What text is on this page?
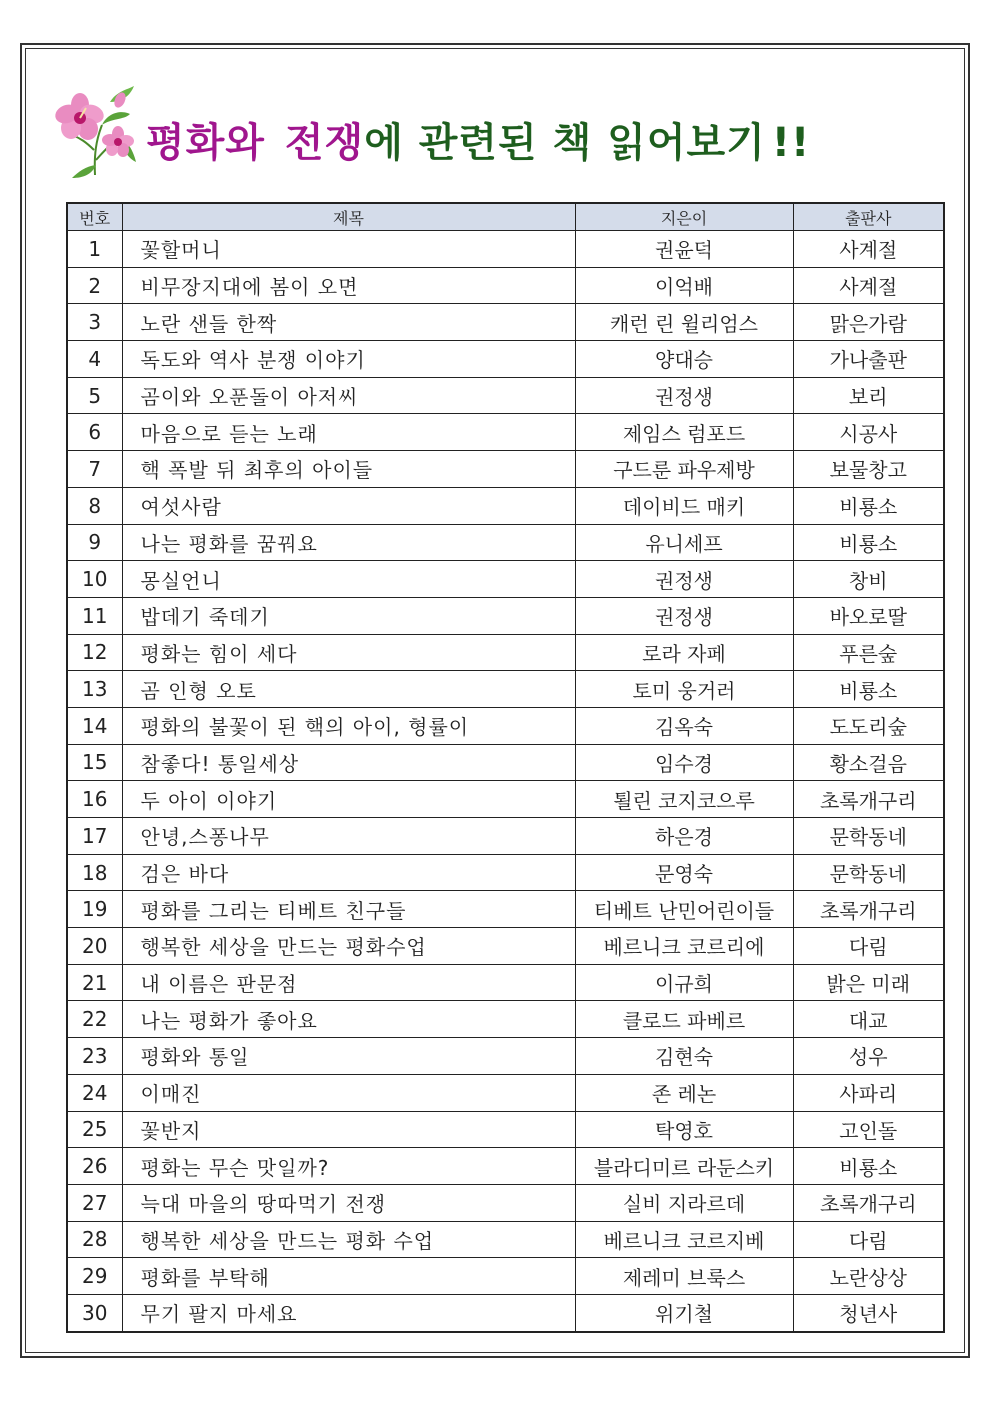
평화와 전쟁에 관련된 책 읽어보기 !!
번호	제목	지은이	출판사
1	꽃할머니	권윤덕	사계절
2	비무장지대에 봄이 오면	이억배	사계절
3	노란 샌들 한짝	캐런 린 윌리엄스	맑은가람
4	독도와 역사 분쟁 이야기	양대승	가나출판
5	곰이와 오푼돌이 아저씨	권정생	보리
6	마음으로 듣는 노래	제임스 럼포드	시공사
7	핵 폭발 뒤 최후의 아이들	구드룬 파우제방	보물창고
8	여섯사람	데이비드 매키	비룡소
9	나는 평화를 꿈꿔요	유니세프	비룡소
10	몽실언니	권정생	창비
11	밥데기 죽데기	권정생	바오로딸
12	평화는 힘이 세다	로라 자페	푸른숲
13	곰 인형 오토	토미 웅거러	비룡소
14	평화의 불꽃이 된 핵의 아이, 형률이	김옥숙	도도리숲
15	참좋다! 통일세상	임수경	황소걸음
16	두 아이 이야기	퇼린 코지코으루	초록개구리
17	안녕,스퐁나무	하은경	문학동네
18	검은 바다	문영숙	문학동네
19	평화를 그리는 티베트 친구들	티베트 난민어린이들	초록개구리
20	행복한 세상을 만드는 평화수업	베르니크 코르리에	다림
21	내 이름은 판문점	이규희	밝은 미래
22	나는 평화가 좋아요	클로드 파베르	대교
23	평화와 통일	김현숙	성우
24	이매진	존 레논	사파리
25	꽃반지	탁영호	고인돌
26	평화는 무슨 맛일까?	블라디미르 라둔스키	비룡소
27	늑대 마을의 땅따먹기 전쟁	실비 지라르데	초록개구리
28	행복한 세상을 만드는 평화 수업	베르니크 코르지베	다림
29	평화를 부탁해	제레미 브룩스	노란상상
30	무기 팔지 마세요	위기철	청년사
